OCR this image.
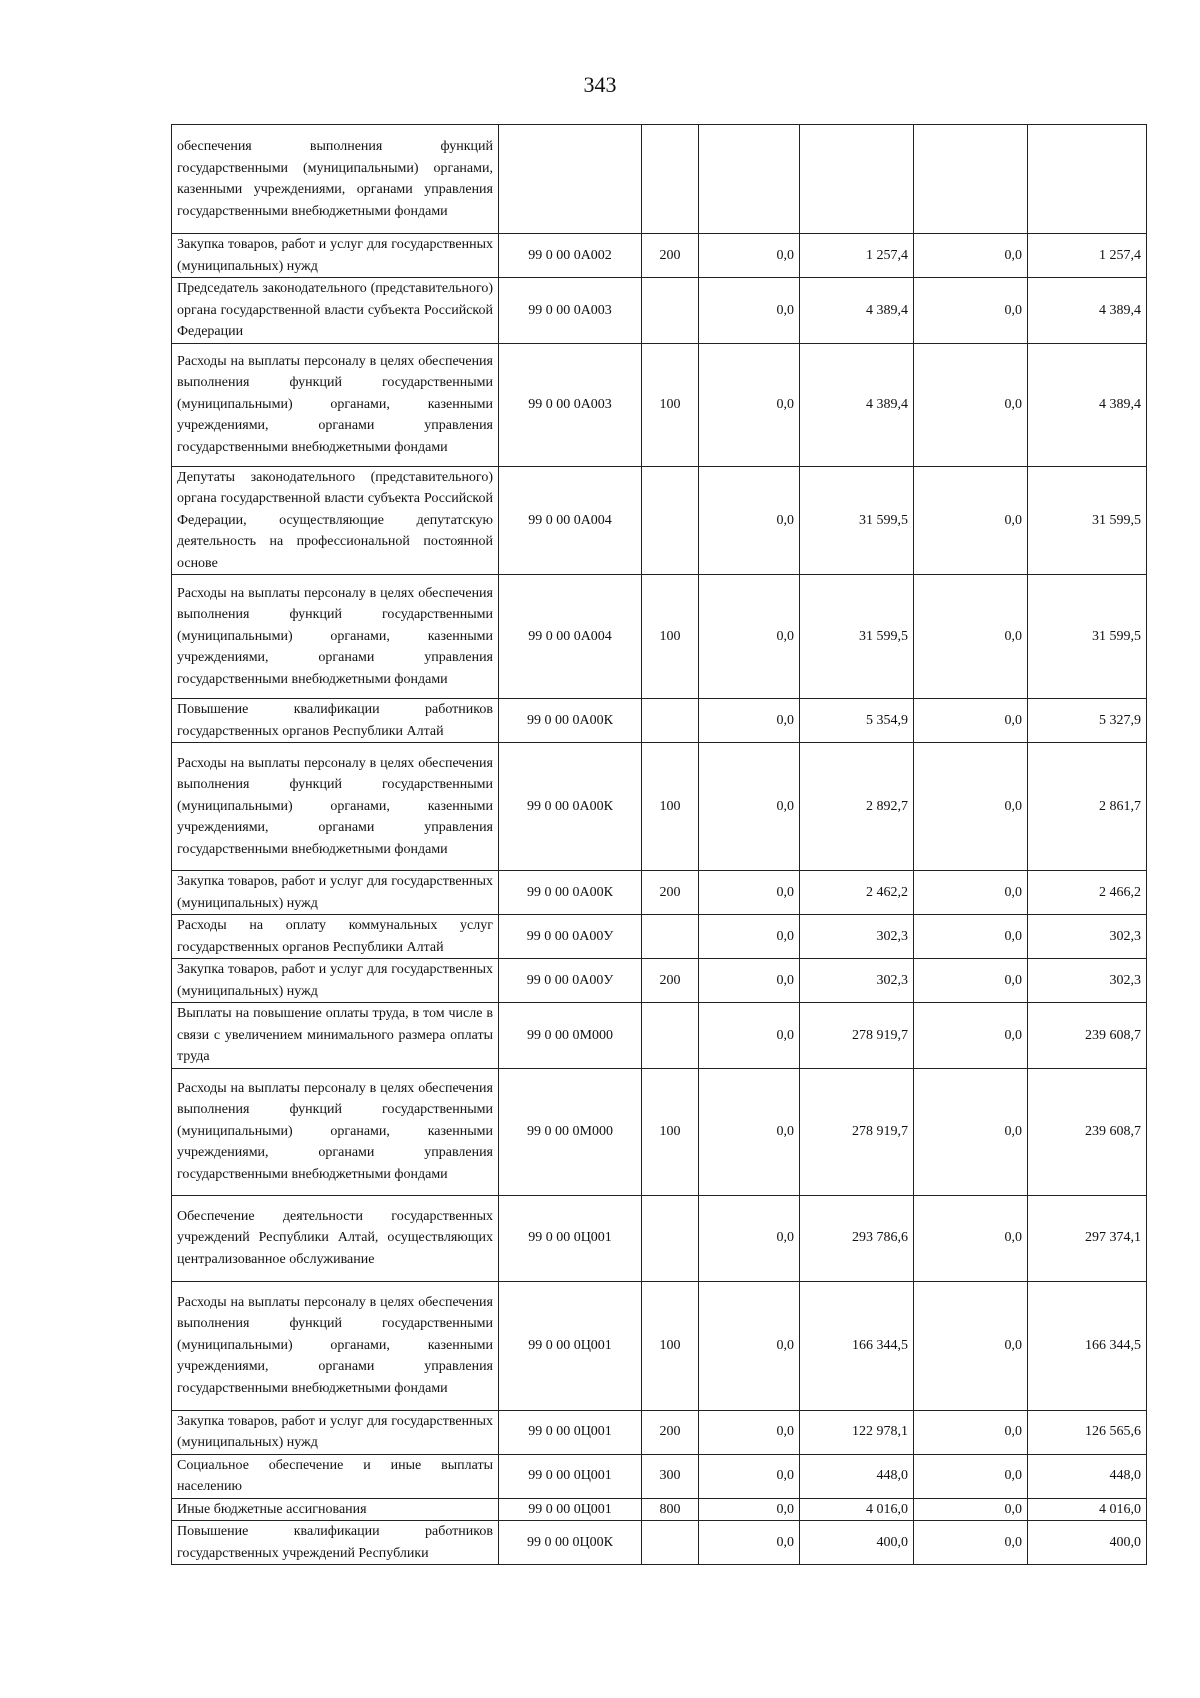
343
обеспечения выполнения функций государственными (муниципальными) органами, казенными учреждениями, органами управления государственными внебюджетными фондами						
Закупка товаров, работ и услуг для государственных (муниципальных) нужд	99 0 00 0А002	200	0,0	1 257,4	0,0	1 257,4
Председатель законодательного (представительного) органа государственной власти субъекта Российской Федерации	99 0 00 0А003		0,0	4 389,4	0,0	4 389,4
Расходы на выплаты персоналу в целях обеспечения выполнения функций государственными (муниципальными) органами, казенными учреждениями, органами управления государственными внебюджетными фондами	99 0 00 0А003	100	0,0	4 389,4	0,0	4 389,4
Депутаты законодательного (представительного) органа государственной власти субъекта Российской Федерации, осуществляющие депутатскую деятельность на профессиональной постоянной основе	99 0 00 0А004		0,0	31 599,5	0,0	31 599,5
Расходы на выплаты персоналу в целях обеспечения выполнения функций государственными (муниципальными) органами, казенными учреждениями, органами управления государственными внебюджетными фондами	99 0 00 0А004	100	0,0	31 599,5	0,0	31 599,5
Повышение квалификации работников государственных органов Республики Алтай	99 0 00 0А00К		0,0	5 354,9	0,0	5 327,9
Расходы на выплаты персоналу в целях обеспечения выполнения функций государственными (муниципальными) органами, казенными учреждениями, органами управления государственными внебюджетными фондами	99 0 00 0А00К	100	0,0	2 892,7	0,0	2 861,7
Закупка товаров, работ и услуг для государственных (муниципальных) нужд	99 0 00 0А00К	200	0,0	2 462,2	0,0	2 466,2
Расходы на оплату коммунальных услуг государственных органов Республики Алтай	99 0 00 0А00У		0,0	302,3	0,0	302,3
Закупка товаров, работ и услуг для государственных (муниципальных) нужд	99 0 00 0А00У	200	0,0	302,3	0,0	302,3
Выплаты на повышение оплаты труда, в том числе в связи с увеличением минимального размера оплаты труда	99 0 00 0М000		0,0	278 919,7	0,0	239 608,7
Расходы на выплаты персоналу в целях обеспечения выполнения функций государственными (муниципальными) органами, казенными учреждениями, органами управления государственными внебюджетными фондами	99 0 00 0М000	100	0,0	278 919,7	0,0	239 608,7
Обеспечение деятельности государственных учреждений Республики Алтай, осуществляющих централизованное обслуживание	99 0 00 0Ц001		0,0	293 786,6	0,0	297 374,1
Расходы на выплаты персоналу в целях обеспечения выполнения функций государственными (муниципальными) органами, казенными учреждениями, органами управления государственными внебюджетными фондами	99 0 00 0Ц001	100	0,0	166 344,5	0,0	166 344,5
Закупка товаров, работ и услуг для государственных (муниципальных) нужд	99 0 00 0Ц001	200	0,0	122 978,1	0,0	126 565,6
Социальное обеспечение и иные выплаты населению	99 0 00 0Ц001	300	0,0	448,0	0,0	448,0
Иные бюджетные ассигнования	99 0 00 0Ц001	800	0,0	4 016,0	0,0	4 016,0
Повышение квалификации работников государственных учреждений Республики	99 0 00 0Ц00К		0,0	400,0	0,0	400,0
